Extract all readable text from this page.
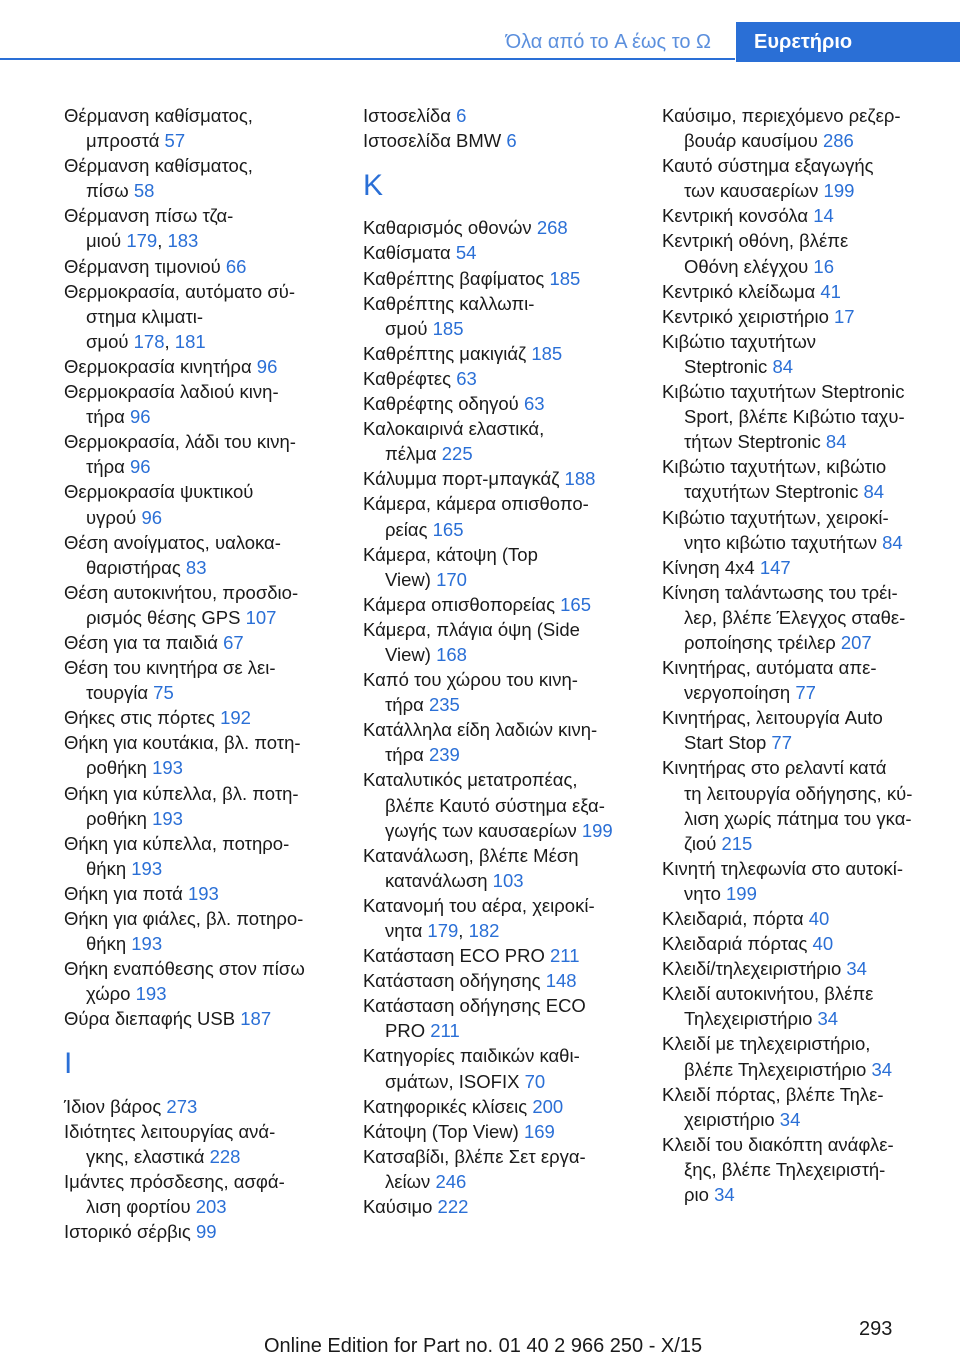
Όλα από το A έως το Ω	Ευρετήριο
Θέρμανση καθίσματος,
μπροστά 57
Θέρμανση καθίσματος,
πίσω 58
Θέρμανση πίσω τζα‐
μιού 179, 183
Θέρμανση τιμονιού 66
Θερμοκρασία, αυτόματο σύ‐
στημα κλιματι‐
σμού 178, 181
Θερμοκρασία κινητήρα 96
Θερμοκρασία λαδιού κινη‐
τήρα 96
Θερμοκρασία, λάδι του κινη‐
τήρα 96
Θερμοκρασία ψυκτικού
υγρού 96
Θέση ανοίγματος, υαλοκα‐
θαριστήρας 83
Θέση αυτοκινήτου, προσδιο‐
ρισμός θέσης GPS 107
Θέση για τα παιδιά 67
Θέση του κινητήρα σε λει‐
τουργία 75
Θήκες στις πόρτες 192
Θήκη για κουτάκια, βλ. ποτη‐
ροθήκη 193
Θήκη για κύπελλα, βλ. ποτη‐
ροθήκη 193
Θήκη για κύπελλα, ποτηρο‐
θήκη 193
Θήκη για ποτά 193
Θήκη για φιάλες, βλ. ποτηρο‐
θήκη 193
Θήκη εναπόθεσης στον πίσω
χώρο 193
Θύρα διεπαφής USB 187
Ι
Ίδιον βάρος 273
Ιδιότητες λειτουργίας ανά‐
γκης, ελαστικά 228
Ιμάντες πρόσδεσης, ασφά‐
λιση φορτίου 203
Ιστορικό σέρβις 99
Ιστοσελίδα 6
Ιστοσελίδα BMW 6
Κ
Καθαρισμός οθονών 268
Καθίσματα 54
Καθρέπτης βαφίματος 185
Καθρέπτης καλλωπι‐
σμού 185
Καθρέπτης μακιγιάζ 185
Καθρέφτες 63
Καθρέφτης οδηγού 63
Καλοκαιρινά ελαστικά,
πέλμα 225
Κάλυμμα πορτ-μπαγκάζ 188
Κάμερα, κάμερα οπισθοπο‐
ρείας 165
Κάμερα, κάτοψη (Top
View) 170
Κάμερα οπισθοπορείας 165
Κάμερα, πλάγια όψη (Side
View) 168
Καπό του χώρου του κινη‐
τήρα 235
Κατάλληλα είδη λαδιών κινη‐
τήρα 239
Καταλυτικός μετατροπέας,
βλέπε Καυτό σύστημα εξα‐
γωγής των καυσαερίων 199
Κατανάλωση, βλέπε Μέση
κατανάλωση 103
Κατανομή του αέρα, χειροκί‐
νητα 179, 182
Κατάσταση ECO PRO 211
Κατάσταση οδήγησης 148
Κατάσταση οδήγησης ECO
PRO 211
Κατηγορίες παιδικών καθι‐
σμάτων, ISOFIX 70
Κατηφορικές κλίσεις 200
Κάτοψη (Top View) 169
Κατσαβίδι, βλέπε Σετ εργα‐
λείων 246
Καύσιμο 222
Καύσιμο, περιεχόμενο ρεζερ‐
βουάρ καυσίμου 286
Καυτό σύστημα εξαγωγής
των καυσαερίων 199
Κεντρική κονσόλα 14
Κεντρική οθόνη, βλέπε
Οθόνη ελέγχου 16
Κεντρικό κλείδωμα 41
Κεντρικό χειριστήριο 17
Κιβώτιο ταχυτήτων
Steptronic 84
Κιβώτιο ταχυτήτων Steptronic
Sport, βλέπε Κιβώτιο ταχυ‐
τήτων Steptronic 84
Κιβώτιο ταχυτήτων, κιβώτιο
ταχυτήτων Steptronic 84
Κιβώτιο ταχυτήτων, χειροκί‐
νητο κιβώτιο ταχυτήτων 84
Κίνηση 4x4 147
Κίνηση ταλάντωσης του τρέι‐
λερ, βλέπε Έλεγχος σταθε‐
ροποίησης τρέιλερ 207
Κινητήρας, αυτόματα απε‐
νεργοποίηση 77
Κινητήρας, λειτουργία Auto
Start Stop 77
Κινητήρας στο ρελαντί κατά
τη λειτουργία οδήγησης, κύ‐
λιση χωρίς πάτημα του γκα‐
ζιού 215
Κινητή τηλεφωνία στο αυτοκί‐
νητο 199
Κλειδαριά, πόρτα 40
Κλειδαριά πόρτας 40
Κλειδί/τηλεχειριστήριο 34
Κλειδί αυτοκινήτου, βλέπε
Τηλεχειριστήριο 34
Κλειδί με τηλεχειριστήριο,
βλέπε Τηλεχειριστήριο 34
Κλειδί πόρτας, βλέπε Τηλε‐
χειριστήριο 34
Κλειδί του διακόπτη ανάφλε‐
ξης, βλέπε Τηλεχειριστή‐
ριο 34
293
Online Edition for Part no. 01 40 2 966 250 - X/15
